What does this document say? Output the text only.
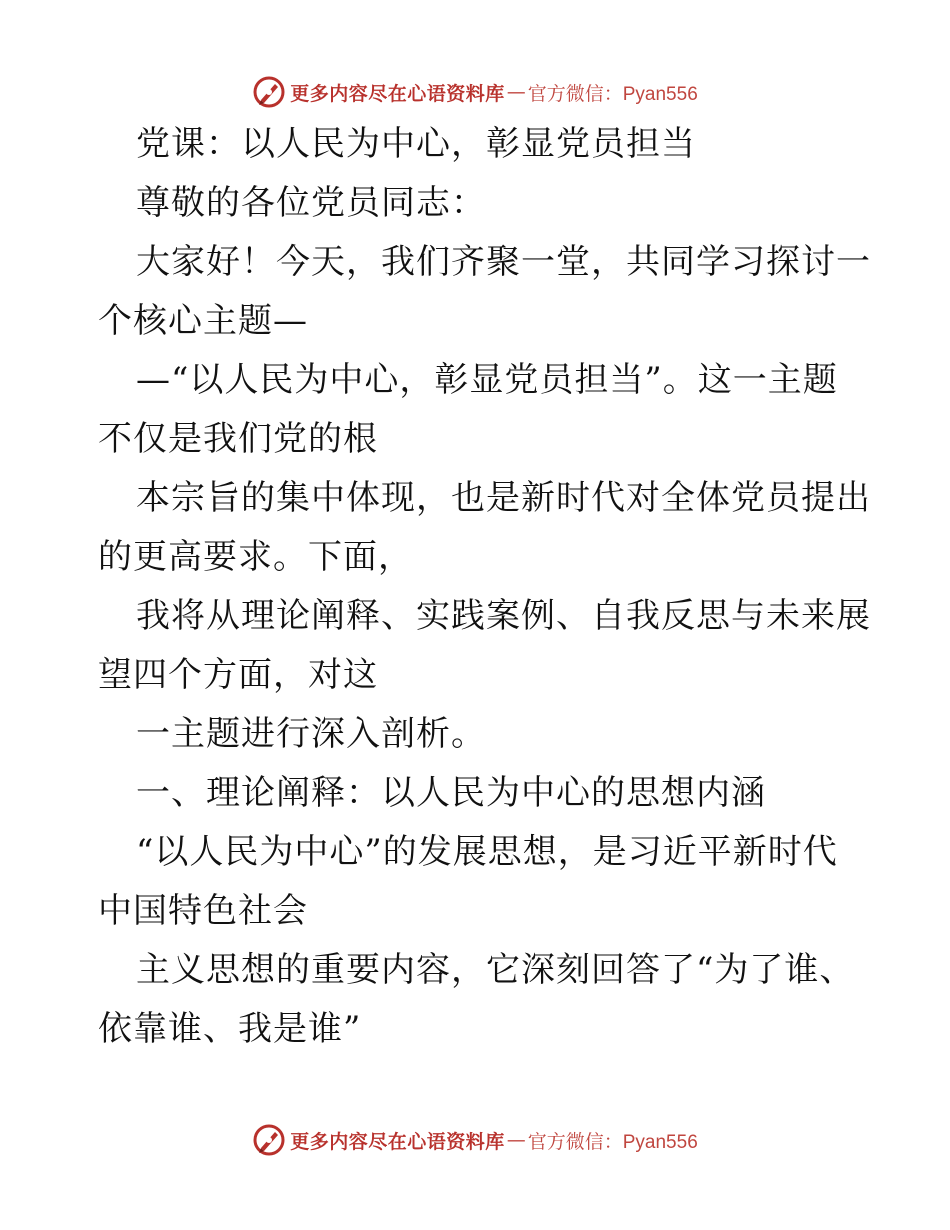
更多内容尽在心语资料库 — 官方微信：Pyan556
党课：以人民为中心，彰显党员担当
尊敬的各位党员同志：
大家好！今天，我们齐聚一堂，共同学习探讨一
个核心主题—
—“以人民为中心，彰显党员担当”。这一主题
不仅是我们党的根
本宗旨的集中体现，也是新时代对全体党员提出
的更高要求。下面，
我将从理论阐释、实践案例、自我反思与未来展
望四个方面，对这
一主题进行深入剖析。
一、理论阐释：以人民为中心的思想内涵
“以人民为中心”的发展思想，是习近平新时代
中国特色社会
主义思想的重要内容，它深刻回答了“为了谁、
依靠谁、我是谁”
更多内容尽在心语资料库 — 官方微信：Pyan556
